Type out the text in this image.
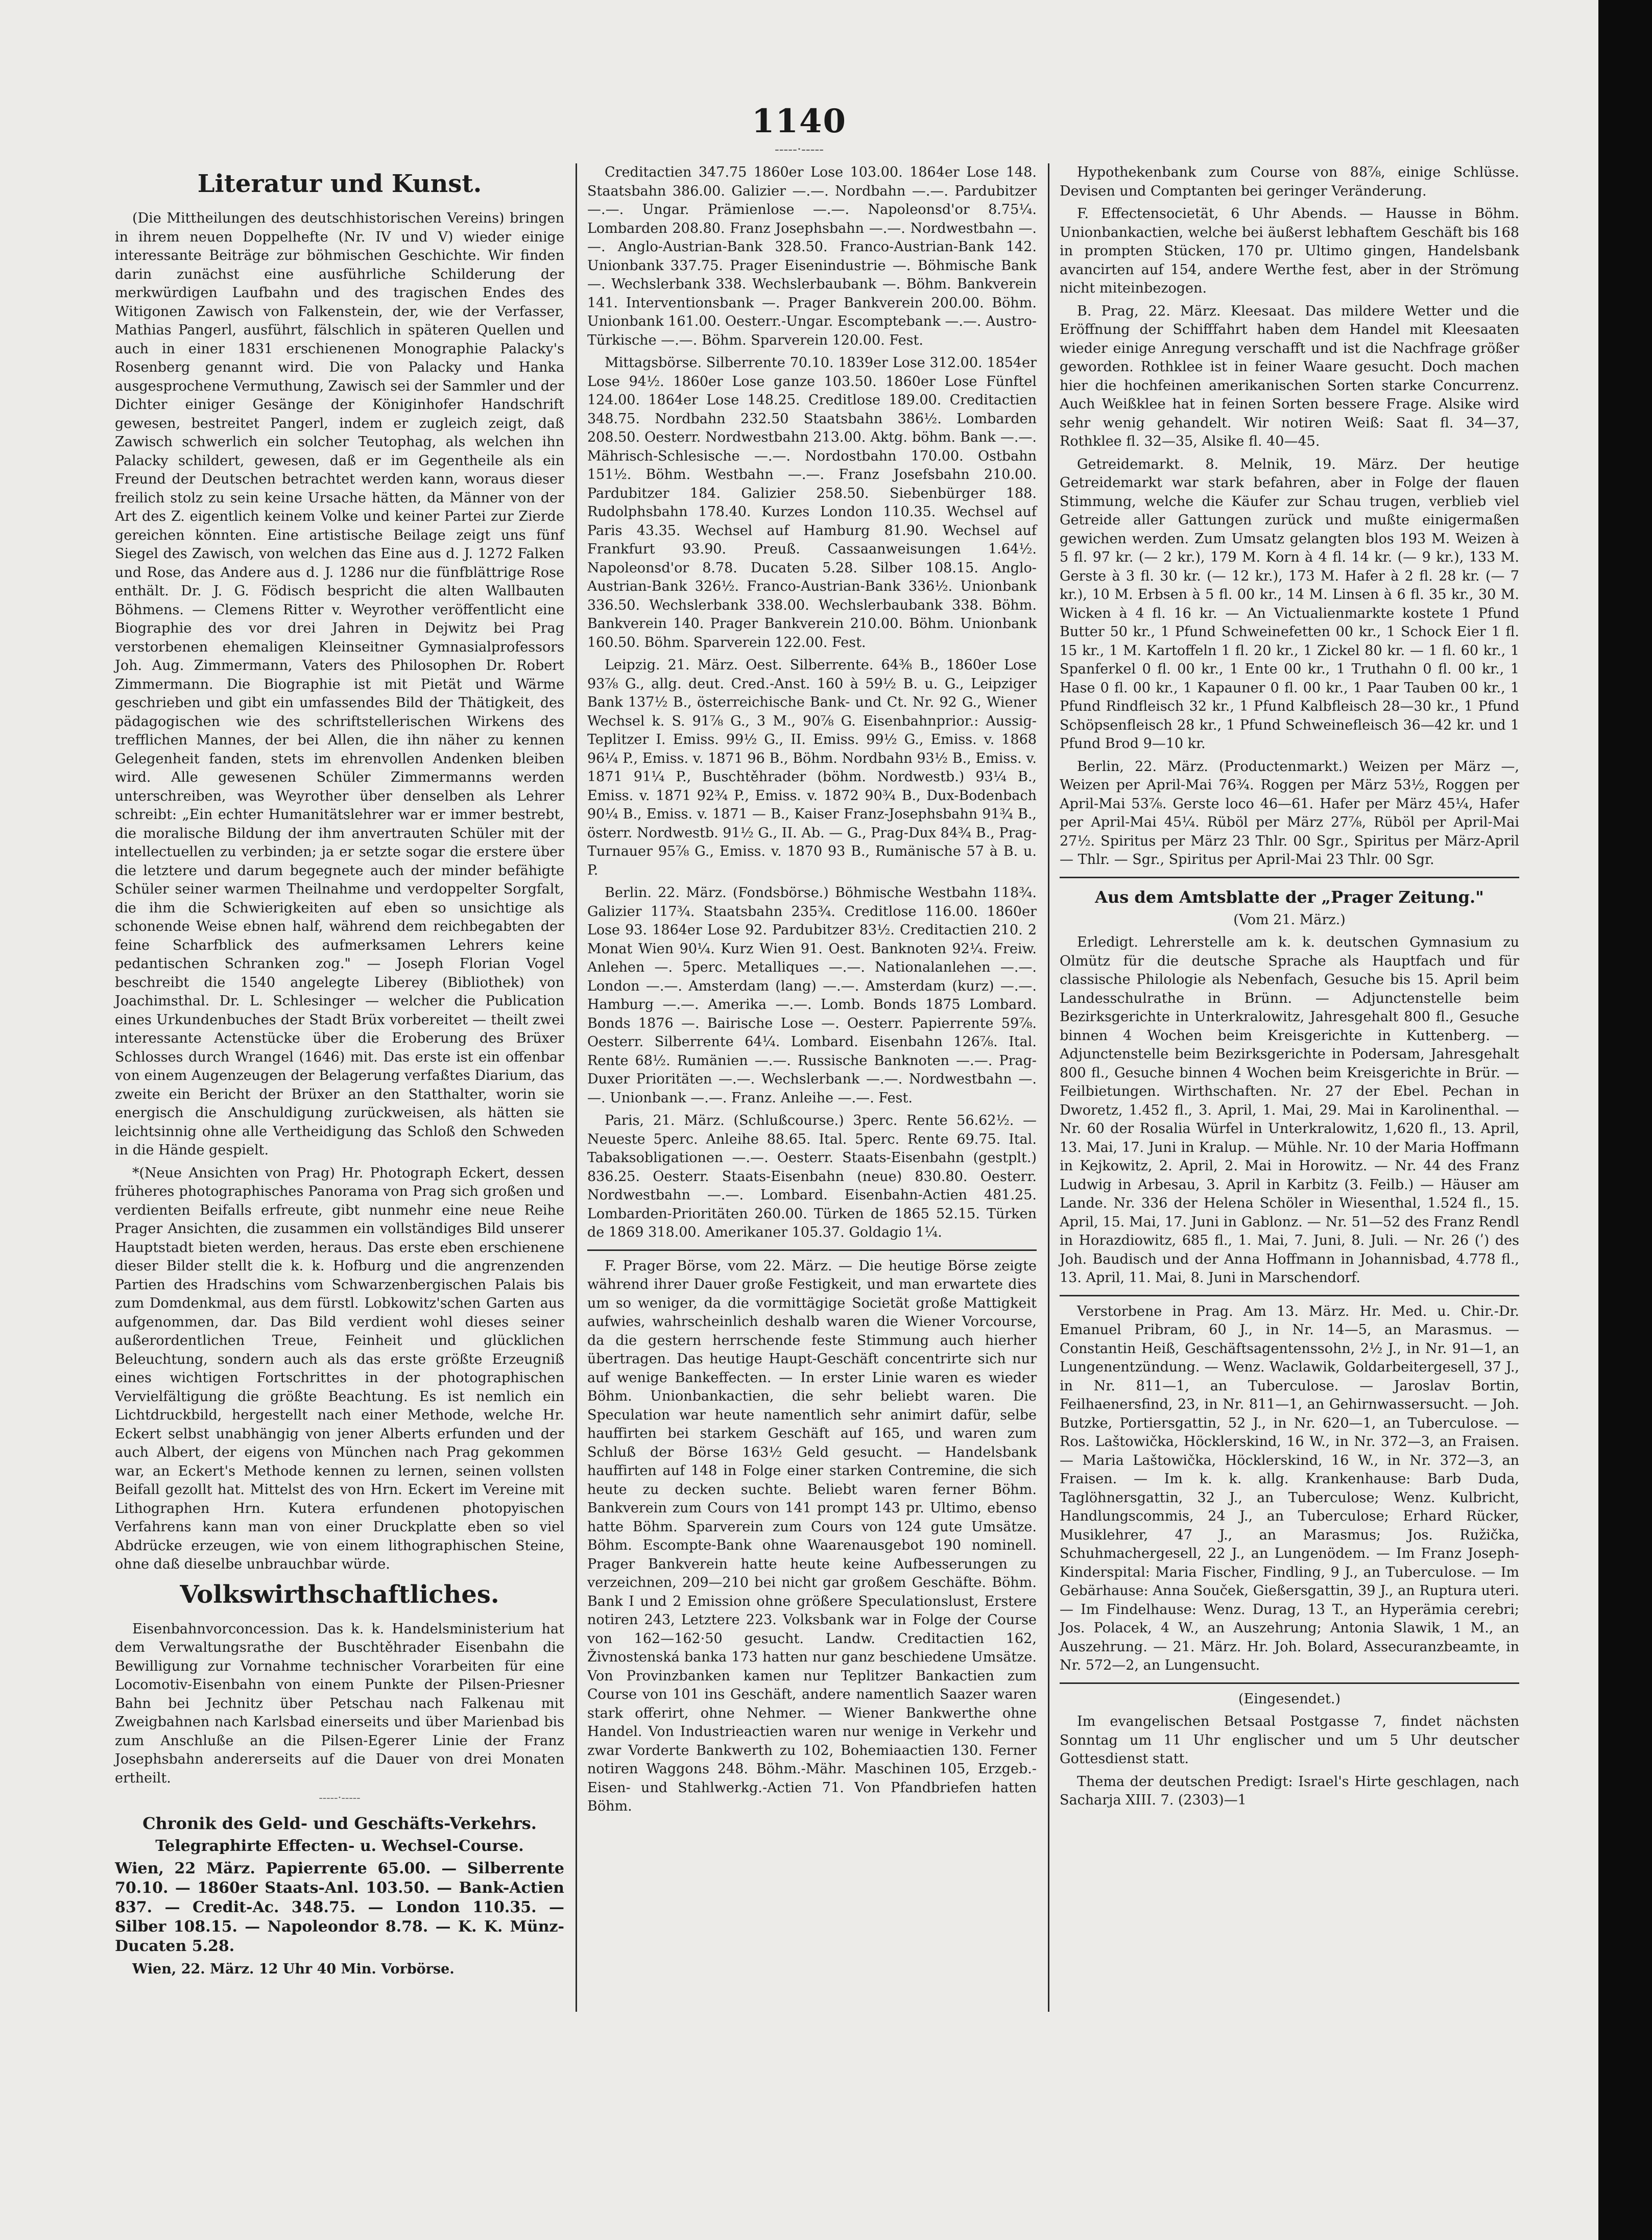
1140
-----·-----
Literatur und Kunst.

(Die Mittheilungen des deutschhistorischen Vereins) bringen in ihrem neuen Doppelhefte (Nr. IV und V) wieder einige interessante Beiträge zur böhmischen Geschichte. Wir finden darin zunächst eine ausführliche Schilderung der merkwürdigen Laufbahn und des tragischen Endes des Witigonen Zawisch von Falkenstein, der, wie der Verfasser, Mathias Pangerl, ausführt, fälschlich in späteren Quellen und auch in einer 1831 erschienenen Monographie Palacky's Rosenberg genannt wird. Die von Palacky und Hanka ausgesprochene Vermuthung, Zawisch sei der Sammler und der Dichter einiger Gesänge der Königinhofer Handschrift gewesen, bestreitet Pangerl, indem er zugleich zeigt, daß Zawisch schwerlich ein solcher Teutophag, als welchen ihn Palacky schildert, gewesen, daß er im Gegentheile als ein Freund der Deutschen betrachtet werden kann, woraus dieser freilich stolz zu sein keine Ursache hätten, da Männer von der Art des Z. eigentlich keinem Volke und keiner Partei zur Zierde gereichen könnten. Eine artistische Beilage zeigt uns fünf Siegel des Zawisch, von welchen das Eine aus d. J. 1272 Falken und Rose, das Andere aus d. J. 1286 nur die fünfblättrige Rose enthält. Dr. J. G. Födisch bespricht die alten Wallbauten Böhmens. — Clemens Ritter v. Weyrother veröffentlicht eine Biographie des vor drei Jahren in Dejwitz bei Prag verstorbenen ehemaligen Kleinseitner Gymnasialprofessors Joh. Aug. Zimmermann, Vaters des Philosophen Dr. Robert Zimmermann. Die Biographie ist mit Pietät und Wärme geschrieben und gibt ein umfassendes Bild der Thätigkeit, des pädagogischen wie des schriftstellerischen Wirkens des trefflichen Mannes, der bei Allen, die ihn näher zu kennen Gelegenheit fanden, stets im ehrenvollen Andenken bleiben wird. Alle gewesenen Schüler Zimmermanns werden unterschreiben, was Weyrother über denselben als Lehrer schreibt: „Ein echter Humanitätslehrer war er immer bestrebt, die moralische Bildung der ihm anvertrauten Schüler mit der intellectuellen zu verbinden; ja er setzte sogar die erstere über die letztere und darum begegnete auch der minder befähigte Schüler seiner warmen Theilnahme und verdoppelter Sorgfalt, die ihm die Schwierigkeiten auf eben so unsichtige als schonende Weise ebnen half, während dem reichbegabten der feine Scharfblick des aufmerksamen Lehrers keine pedantischen Schranken zog." — Joseph Florian Vogel beschreibt die 1540 angelegte Liberey (Bibliothek) von Joachimsthal. Dr. L. Schlesinger — welcher die Publication eines Urkundenbuches der Stadt Brüx vorbereitet — theilt zwei interessante Actenstücke über die Eroberung des Brüxer Schlosses durch Wrangel (1646) mit. Das erste ist ein offenbar von einem Augenzeugen der Belagerung verfaßtes Diarium, das zweite ein Bericht der Brüxer an den Statthalter, worin sie energisch die Anschuldigung zurückweisen, als hätten sie leichtsinnig ohne alle Vertheidigung das Schloß den Schweden in die Hände gespielt.

*(Neue Ansichten von Prag) Hr. Photograph Eckert, dessen früheres photographisches Panorama von Prag sich großen und verdienten Beifalls erfreute, gibt nunmehr eine neue Reihe Prager Ansichten, die zusammen ein vollständiges Bild unserer Hauptstadt bieten werden, heraus. Das erste eben erschienene dieser Bilder stellt die k. k. Hofburg und die angrenzenden Partien des Hradschins vom Schwarzenbergischen Palais bis zum Domdenkmal, aus dem fürstl. Lobkowitz'schen Garten aus aufgenommen, dar. Das Bild verdient wohl dieses seiner außerordentlichen Treue, Feinheit und glücklichen Beleuchtung, sondern auch als das erste größte Erzeugniß eines wichtigen Fortschrittes in der photographischen Vervielfältigung die größte Beachtung. Es ist nemlich ein Lichtdruckbild, hergestellt nach einer Methode, welche Hr. Eckert selbst unabhängig von jener Alberts erfunden und der auch Albert, der eigens von München nach Prag gekommen war, an Eckert's Methode kennen zu lernen, seinen vollsten Beifall gezollt hat. Mittelst des von Hrn. Eckert im Vereine mit Lithographen Hrn. Kutera erfundenen photopyischen Verfahrens kann man von einer Druckplatte eben so viel Abdrücke erzeugen, wie von einem lithographischen Steine, ohne daß dieselbe unbrauchbar würde.

Volkswirthschaftliches.

Eisenbahnvorconcession. Das k. k. Handelsministerium hat dem Verwaltungsrathe der Buschtěhrader Eisenbahn die Bewilligung zur Vornahme technischer Vorarbeiten für eine Locomotiv-Eisenbahn von einem Punkte der Pilsen-Priesner Bahn bei Jechnitz über Petschau nach Falkenau mit Zweigbahnen nach Karlsbad einerseits und über Marienbad bis zum Anschluße an die Pilsen-Egerer Linie der Franz Josephsbahn andererseits auf die Dauer von drei Monaten ertheilt.

-----·-----
Chronik des Geld- und Geschäfts-Verkehrs.

Telegraphirte Effecten- u. Wechsel-Course.

Wien, 22 März. Papierrente 65.00. — Silberrente 70.10. — 1860er Staats-Anl. 103.50. — Bank-Actien 837. — Credit-Ac. 348.75. — London 110.35. — Silber 108.15. — Napoleondor 8.78. — K. K. Münz-Ducaten 5.28.

Wien, 22. März. 12 Uhr 40 Min. Vorbörse.

Creditactien 347.75 1860er Lose 103.00. 1864er Lose 148. Staatsbahn 386.00. Galizier —.—. Nordbahn —.—. Pardubitzer —.—. Ungar. Prämienlose —.—. Napoleonsd'or 8.75¼. Lombarden 208.80. Franz Josephsbahn —.—. Nordwestbahn —.—. Anglo-Austrian-Bank 328.50. Franco-Austrian-Bank 142. Unionbank 337.75. Prager Eisenindustrie —. Böhmische Bank —. Wechslerbank 338. Wechslerbaubank —. Böhm. Bankverein 141. Interventionsbank —. Prager Bankverein 200.00. Böhm. Unionbank 161.00. Oesterr.-Ungar. Escomptebank —.—. Austro-Türkische —.—. Böhm. Sparverein 120.00. Fest.

Mittagsbörse. Silberrente 70.10. 1839er Lose 312.00. 1854er Lose 94½. 1860er Lose ganze 103.50. 1860er Lose Fünftel 124.00. 1864er Lose 148.25. Creditlose 189.00. Creditactien 348.75. Nordbahn 232.50 Staatsbahn 386½. Lombarden 208.50. Oesterr. Nordwestbahn 213.00. Aktg. böhm. Bank —.—. Mährisch-Schlesische —.—. Nordostbahn 170.00. Ostbahn 151½. Böhm. Westbahn —.—. Franz Josefsbahn 210.00. Pardubitzer 184. Galizier 258.50. Siebenbürger 188. Rudolphsbahn 178.40. Kurzes London 110.35. Wechsel auf Paris 43.35. Wechsel auf Hamburg 81.90. Wechsel auf Frankfurt 93.90. Preuß. Cassaanweisungen 1.64½. Napoleonsd'or 8.78. Ducaten 5.28. Silber 108.15. Anglo-Austrian-Bank 326½. Franco-Austrian-Bank 336½. Unionbank 336.50. Wechslerbank 338.00. Wechslerbaubank 338. Böhm. Bankverein 140. Prager Bankverein 210.00. Böhm. Unionbank 160.50. Böhm. Sparverein 122.00. Fest.

Leipzig. 21. März. Oest. Silberrente. 64⅜ B., 1860er Lose 93⅞ G., allg. deut. Cred.-Anst. 160 à 59½ B. u. G., Leipziger Bank 137½ B., österreichische Bank- und Ct. Nr. 92 G., Wiener Wechsel k. S. 91⅞ G., 3 M., 90⅞ G. Eisenbahnprior.: Aussig-Teplitzer I. Emiss. 99½ G., II. Emiss. 99½ G., Emiss. v. 1868 96¼ P., Emiss. v. 1871 96 B., Böhm. Nordbahn 93½ B., Emiss. v. 1871 91¼ P., Buschtěhrader (böhm. Nordwestb.) 93¼ B., Emiss. v. 1871 92¾ P., Emiss. v. 1872 90¾ B., Dux-Bodenbach 90¼ B., Emiss. v. 1871 — B., Kaiser Franz-Josephsbahn 91¾ B., österr. Nordwestb. 91½ G., II. Ab. — G., Prag-Dux 84¾ B., Prag-Turnauer 95⅞ G., Emiss. v. 1870 93 B., Rumänische 57 à B. u. P.

Berlin. 22. März. (Fondsbörse.) Böhmische Westbahn 118¾. Galizier 117¾. Staatsbahn 235¾. Creditlose 116.00. 1860er Lose 93. 1864er Lose 92. Pardubitzer 83½. Creditactien 210. 2 Monat Wien 90¼. Kurz Wien 91. Oest. Banknoten 92¼. Freiw. Anlehen —. 5perc. Metalliques —.—. Nationalanlehen —.—. London —.—. Amsterdam (lang) —.—. Amsterdam (kurz) —.—. Hamburg —.—. Amerika —.—. Lomb. Bonds 1875 Lombard. Bonds 1876 —. Bairische Lose —. Oesterr. Papierrente 59⅞. Oesterr. Silberrente 64¼. Lombard. Eisenbahn 126⅞. Ital. Rente 68½. Rumänien —.—. Russische Banknoten —.—. Prag-Duxer Prioritäten —.—. Wechslerbank —.—. Nordwestbahn —.—. Unionbank —.—. Franz. Anleihe —.—. Fest.

Paris, 21. März. (Schlußcourse.) 3perc. Rente 56.62½. — Neueste 5perc. Anleihe 88.65. Ital. 5perc. Rente 69.75. Ital. Tabaksobligationen —.—. Oesterr. Staats-Eisenbahn (gestplt.) 836.25. Oesterr. Staats-Eisenbahn (neue) 830.80. Oesterr. Nordwestbahn —.—. Lombard. Eisenbahn-Actien 481.25. Lombarden-Prioritäten 260.00. Türken de 1865 52.15. Türken de 1869 318.00. Amerikaner 105.37. Goldagio 1¼.

F. Prager Börse, vom 22. März. — Die heutige Börse zeigte während ihrer Dauer große Festigkeit, und man erwartete dies um so weniger, da die vormittägige Societät große Mattigkeit aufwies, wahrscheinlich deshalb waren die Wiener Vorcourse, da die gestern herrschende feste Stimmung auch hierher übertragen. Das heutige Haupt-Geschäft concentrirte sich nur auf wenige Bankeffecten. — In erster Linie waren es wieder Böhm. Unionbankactien, die sehr beliebt waren. Die Speculation war heute namentlich sehr animirt dafür, selbe hauffirten bei starkem Geschäft auf 165, und waren zum Schluß der Börse 163½ Geld gesucht. — Handelsbank hauffirten auf 148 in Folge einer starken Contremine, die sich heute zu decken suchte. Beliebt waren ferner Böhm. Bankverein zum Cours von 141 prompt 143 pr. Ultimo, ebenso hatte Böhm. Sparverein zum Cours von 124 gute Umsätze. Böhm. Escompte-Bank ohne Waarenausgebot 190 nominell. Prager Bankverein hatte heute keine Aufbesserungen zu verzeichnen, 209—210 bei nicht gar großem Geschäfte. Böhm. Bank I und 2 Emission ohne größere Speculationslust, Erstere notiren 243, Letztere 223. Volksbank war in Folge der Course von 162—162·50 gesucht. Landw. Creditactien 162, Živnostenská banka 173 hatten nur ganz beschiedene Umsätze. Von Provinzbanken kamen nur Teplitzer Bankactien zum Course von 101 ins Geschäft, andere namentlich Saazer waren stark offerirt, ohne Nehmer. — Wiener Bankwerthe ohne Handel. Von Industrieactien waren nur wenige in Verkehr und zwar Vorderte Bankwerth zu 102, Bohemiaactien 130. Ferner notiren Waggons 248. Böhm.-Mähr. Maschinen 105, Erzgeb.-Eisen- und Stahlwerkg.-Actien 71. Von Pfandbriefen hatten Böhm.

Hypothekenbank zum Course von 88⅞, einige Schlüsse. Devisen und Comptanten bei geringer Veränderung.

F. Effectensocietät, 6 Uhr Abends. — Hausse in Böhm. Unionbankactien, welche bei äußerst lebhaftem Geschäft bis 168 in prompten Stücken, 170 pr. Ultimo gingen, Handelsbank avancirten auf 154, andere Werthe fest, aber in der Strömung nicht miteinbezogen.

B. Prag, 22. März. Kleesaat. Das mildere Wetter und die Eröffnung der Schifffahrt haben dem Handel mit Kleesaaten wieder einige Anregung verschafft und ist die Nachfrage größer geworden. Rothklee ist in feiner Waare gesucht. Doch machen hier die hochfeinen amerikanischen Sorten starke Concurrenz. Auch Weißklee hat in feinen Sorten bessere Frage. Alsike wird sehr wenig gehandelt. Wir notiren Weiß: Saat fl. 34—37, Rothklee fl. 32—35, Alsike fl. 40—45.

Getreidemarkt. 8. Melnik, 19. März. Der heutige Getreidemarkt war stark befahren, aber in Folge der flauen Stimmung, welche die Käufer zur Schau trugen, verblieb viel Getreide aller Gattungen zurück und mußte einigermaßen gewichen werden. Zum Umsatz gelangten blos 193 M. Weizen à 5 fl. 97 kr. (— 2 kr.), 179 M. Korn à 4 fl. 14 kr. (— 9 kr.), 133 M. Gerste à 3 fl. 30 kr. (— 12 kr.), 173 M. Hafer à 2 fl. 28 kr. (— 7 kr.), 10 M. Erbsen à 5 fl. 00 kr., 14 M. Linsen à 6 fl. 35 kr., 30 M. Wicken à 4 fl. 16 kr. — An Victualienmarkte kostete 1 Pfund Butter 50 kr., 1 Pfund Schweinefetten 00 kr., 1 Schock Eier 1 fl. 15 kr., 1 M. Kartoffeln 1 fl. 20 kr., 1 Zickel 80 kr. — 1 fl. 60 kr., 1 Spanferkel 0 fl. 00 kr., 1 Ente 00 kr., 1 Truthahn 0 fl. 00 kr., 1 Hase 0 fl. 00 kr., 1 Kapauner 0 fl. 00 kr., 1 Paar Tauben 00 kr., 1 Pfund Rindfleisch 32 kr., 1 Pfund Kalbfleisch 28—30 kr., 1 Pfund Schöpsenfleisch 28 kr., 1 Pfund Schweinefleisch 36—42 kr. und 1 Pfund Brod 9—10 kr.

Berlin, 22. März. (Productenmarkt.) Weizen per März —, Weizen per April-Mai 76¾. Roggen per März 53½, Roggen per April-Mai 53⅞. Gerste loco 46—61. Hafer per März 45¼, Hafer per April-Mai 45¼. Rüböl per März 27⅞, Rüböl per April-Mai 27½. Spiritus per März 23 Thlr. 00 Sgr., Spiritus per März-April — Thlr. — Sgr., Spiritus per April-Mai 23 Thlr. 00 Sgr.

Aus dem Amtsblatte der „Prager Zeitung."

(Vom 21. März.)

Erledigt. Lehrerstelle am k. k. deutschen Gymnasium zu Olmütz für die deutsche Sprache als Hauptfach und für classische Philologie als Nebenfach, Gesuche bis 15. April beim Landesschulrathe in Brünn. — Adjunctenstelle beim Bezirksgerichte in Unterkralowitz, Jahresgehalt 800 fl., Gesuche binnen 4 Wochen beim Kreisgerichte in Kuttenberg. — Adjunctenstelle beim Bezirksgerichte in Podersam, Jahresgehalt 800 fl., Gesuche binnen 4 Wochen beim Kreisgerichte in Brür. — Feilbietungen. Wirthschaften. Nr. 27 der Ebel. Pechan in Dworetz, 1.452 fl., 3. April, 1. Mai, 29. Mai in Karolinenthal. — Nr. 60 der Rosalia Würfel in Unterkralowitz, 1,620 fl., 13. April, 13. Mai, 17. Juni in Kralup. — Mühle. Nr. 10 der Maria Hoffmann in Kejkowitz, 2. April, 2. Mai in Horowitz. — Nr. 44 des Franz Ludwig in Arbesau, 3. April in Karbitz (3. Feilb.) — Häuser am Lande. Nr. 336 der Helena Schöler in Wiesenthal, 1.524 fl., 15. April, 15. Mai, 17. Juni in Gablonz. — Nr. 51—52 des Franz Rendl in Horazdiowitz, 685 fl., 1. Mai, 7. Juni, 8. Juli. — Nr. 26 (ʹ) des Joh. Baudisch und der Anna Hoffmann in Johannisbad, 4.778 fl., 13. April, 11. Mai, 8. Juni in Marschendorf.

Verstorbene in Prag. Am 13. März. Hr. Med. u. Chir.-Dr. Emanuel Pribram, 60 J., in Nr. 14—5, an Marasmus. — Constantin Heiß, Geschäftsagentenssohn, 2½ J., in Nr. 91—1, an Lungenentzündung. — Wenz. Waclawik, Goldarbeitergesell, 37 J., in Nr. 811—1, an Tuberculose. — Jaroslav Bortin, Feilhaenersfind, 23, in Nr. 811—1, an Gehirnwassersucht. — Joh. Butzke, Portiersgattin, 52 J., in Nr. 620—1, an Tuberculose. — Ros. Laštowička, Höcklerskind, 16 W., in Nr. 372—3, an Fraisen. — Maria Laštowička, Höcklerskind, 16 W., in Nr. 372—3, an Fraisen. — Im k. k. allg. Krankenhause: Barb Duda, Taglöhnersgattin, 32 J., an Tuberculose; Wenz. Kulbricht, Handlungscommis, 24 J., an Tuberculose; Erhard Rücker, Musiklehrer, 47 J., an Marasmus; Jos. Ružička, Schuhmachergesell, 22 J., an Lungenödem. — Im Franz Joseph-Kinderspital: Maria Fischer, Findling, 9 J., an Tuberculose. — Im Gebärhause: Anna Souček, Gießersgattin, 39 J., an Ruptura uteri. — Im Findelhause: Wenz. Durag, 13 T., an Hyperämia cerebri; Jos. Polacek, 4 W., an Auszehrung; Antonia Slawik, 1 M., an Auszehrung. — 21. März. Hr. Joh. Bolard, Assecuranzbeamte, in Nr. 572—2, an Lungensucht.

(Eingesendet.)

Im evangelischen Betsaal Postgasse 7, findet nächsten Sonntag um 11 Uhr englischer und um 5 Uhr deutscher Gottesdienst statt.

Thema der deutschen Predigt: Israel's Hirte geschlagen, nach Sacharja XIII. 7. (2303)—1
